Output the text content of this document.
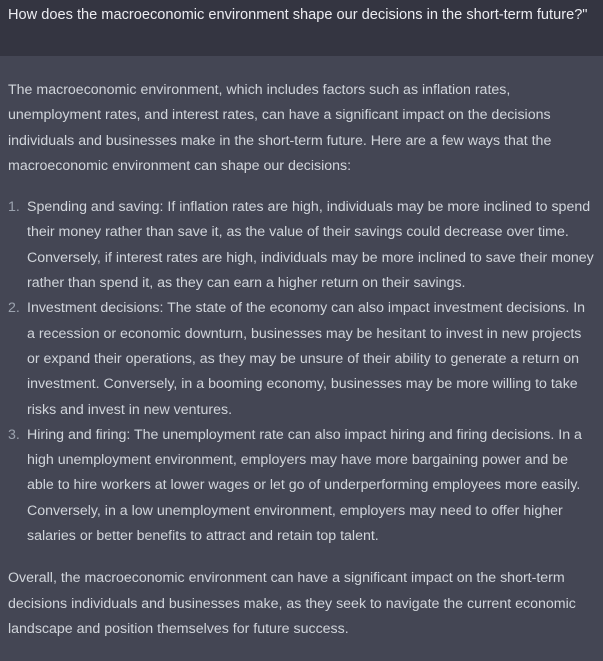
How does the macroeconomic environment shape our decisions in the short-term future?"

The macroeconomic environment, which includes factors such as inflation rates, unemployment rates, and interest rates, can have a significant impact on the decisions individuals and businesses make in the short-term future. Here are a few ways that the macroeconomic environment can shape our decisions:

1. Spending and saving: If inflation rates are high, individuals may be more inclined to spend their money rather than save it, as the value of their savings could decrease over time. Conversely, if interest rates are high, individuals may be more inclined to save their money rather than spend it, as they can earn a higher return on their savings.
2. Investment decisions: The state of the economy can also impact investment decisions. In a recession or economic downturn, businesses may be hesitant to invest in new projects or expand their operations, as they may be unsure of their ability to generate a return on investment. Conversely, in a booming economy, businesses may be more willing to take risks and invest in new ventures.
3. Hiring and firing: The unemployment rate can also impact hiring and firing decisions. In a high unemployment environment, employers may have more bargaining power and be able to hire workers at lower wages or let go of underperforming employees more easily. Conversely, in a low unemployment environment, employers may need to offer higher salaries or better benefits to attract and retain top talent.

Overall, the macroeconomic environment can have a significant impact on the short-term decisions individuals and businesses make, as they seek to navigate the current economic landscape and position themselves for future success.
